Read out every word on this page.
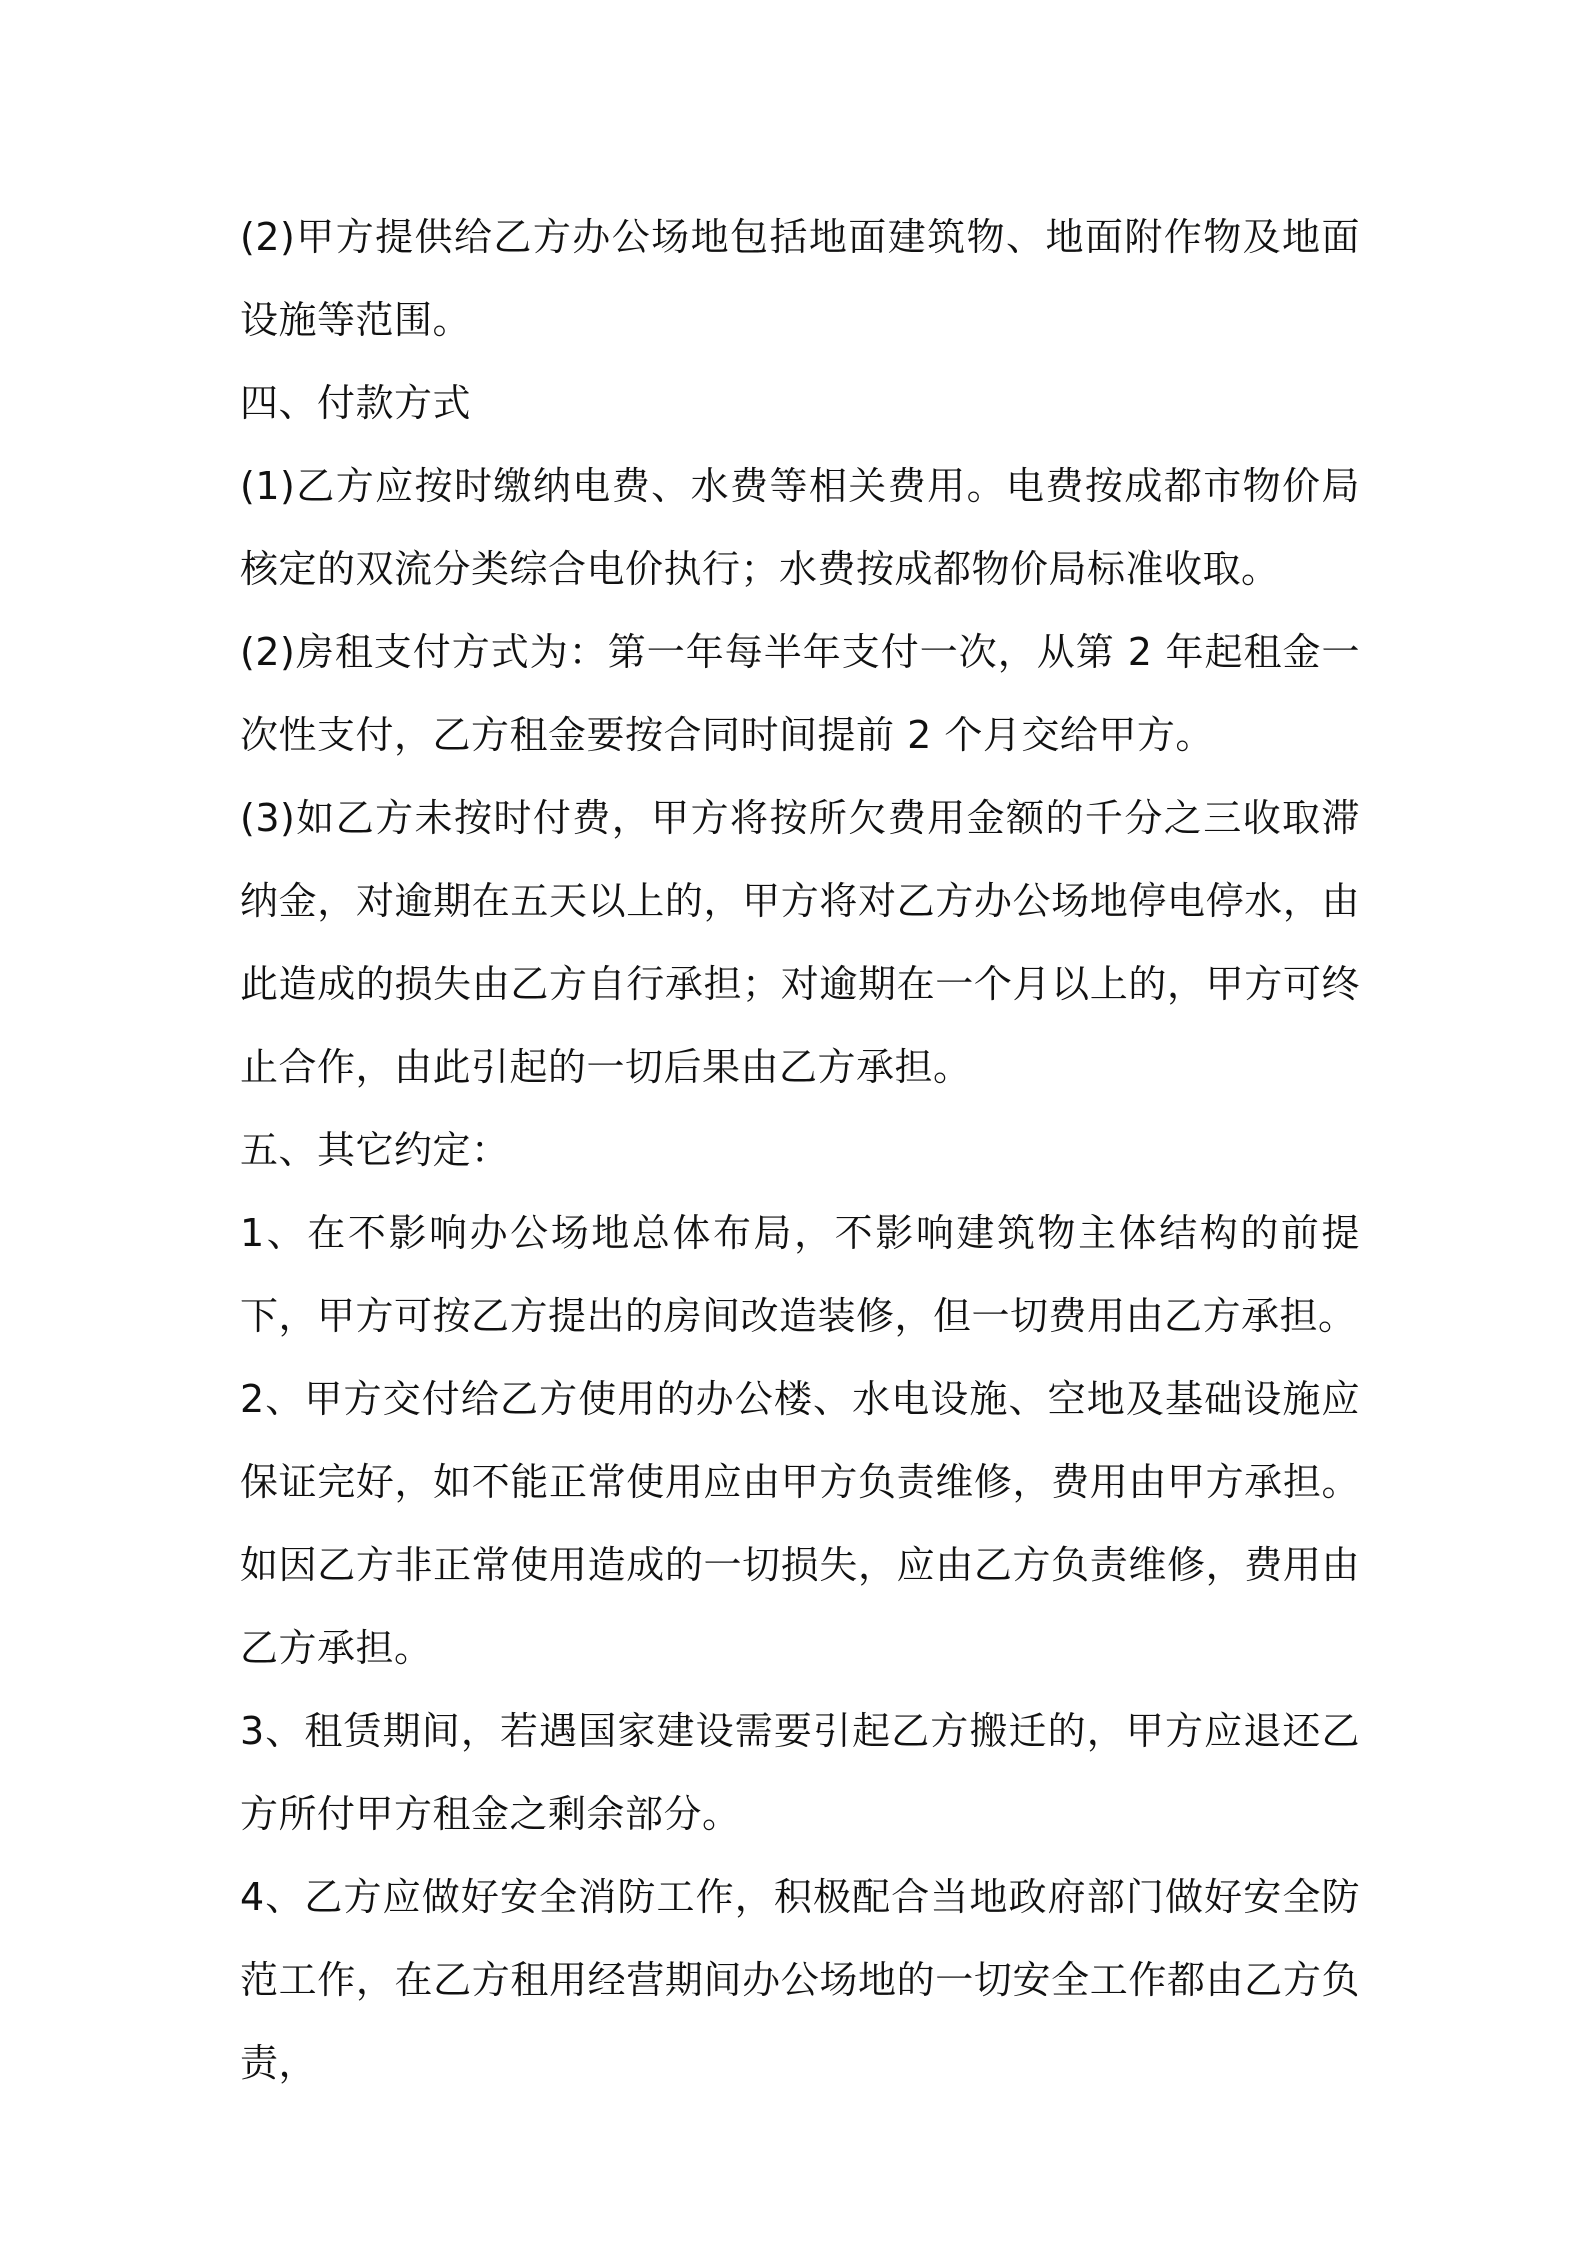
(2)甲方提供给乙方办公场地包括地面建筑物、地面附作物及地面设施等范围。

四、付款方式

(1)乙方应按时缴纳电费、水费等相关费用。电费按成都市物价局核定的双流分类综合电价执行；水费按成都物价局标准收取。

(2)房租支付方式为：第一年每半年支付一次，从第 2 年起租金一次性支付，乙方租金要按合同时间提前 2 个月交给甲方。

(3)如乙方未按时付费，甲方将按所欠费用金额的千分之三收取滞纳金，对逾期在五天以上的，甲方将对乙方办公场地停电停水，由此造成的损失由乙方自行承担；对逾期在一个月以上的，甲方可终止合作，由此引起的一切后果由乙方承担。

五、其它约定：

1、在不影响办公场地总体布局，不影响建筑物主体结构的前提下，甲方可按乙方提出的房间改造装修，但一切费用由乙方承担。

2、甲方交付给乙方使用的办公楼、水电设施、空地及基础设施应保证完好，如不能正常使用应由甲方负责维修，费用由甲方承担。如因乙方非正常使用造成的一切损失，应由乙方负责维修，费用由乙方承担。

3、租赁期间，若遇国家建设需要引起乙方搬迁的，甲方应退还乙方所付甲方租金之剩余部分。

4、乙方应做好安全消防工作，积极配合当地政府部门做好安全防范工作，在乙方租用经营期间办公场地的一切安全工作都由乙方负责，
